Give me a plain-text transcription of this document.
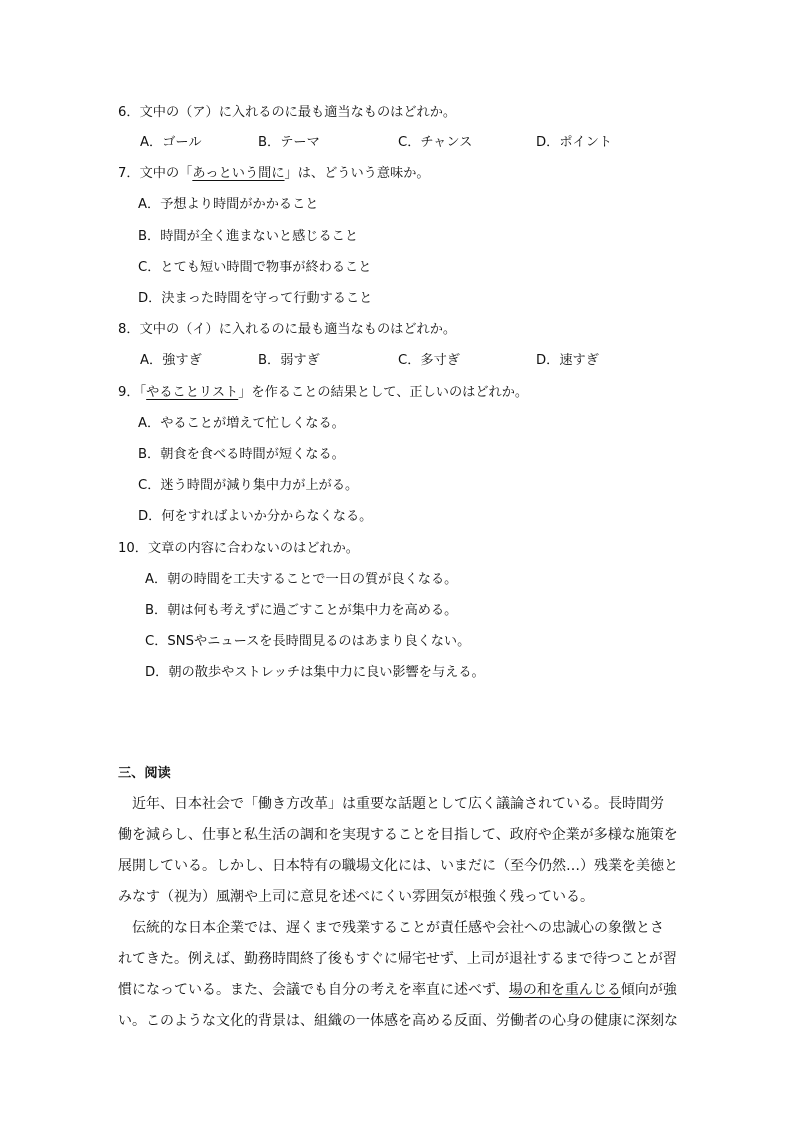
6．文中の（ア）に入れるのに最も適当なものはどれか。
A．ゴール	B．テーマ	C．チャンス	D．ポイント
7．文中の「あっという間に」は、どういう意味か。
A．予想より時間がかかること
B．時間が全く進まないと感じること
C．とても短い時間で物事が終わること
D．決まった時間を守って行動すること
8．文中の（イ）に入れるのに最も適当なものはどれか。
A．強すぎ	B．弱すぎ	C．多寸ぎ	D．速すぎ
9．「やることリスト」を作ることの結果として、正しいのはどれか。
A．やることが増えて忙しくなる。
B．朝食を食べる時間が短くなる。
C．迷う時間が減り集中力が上がる。
D．何をすればよいか分からなくなる。
10．文章の内容に合わないのはどれか。
A．朝の時間を工夫することで一日の質が良くなる。
B．朝は何も考えずに過ごすことが集中力を高める。
C．SNSやニュースを長時間見るのはあまり良くない。
D．朝の散歩やストレッチは集中力に良い影響を与える。
三、阅读
　近年、日本社会で「働き方改革」は重要な話題として広く議論されている。長時間労
働を減らし、仕事と私生活の調和を実現することを目指して、政府や企業が多様な施策を
展開している。しかし、日本特有の職場文化には、いまだに（至今仍然…）残業を美徳と
みなす（视为）風潮や上司に意見を述べにくい雰囲気が根強く残っている。
　伝統的な日本企業では、遅くまで残業することが責任感や会社への忠誠心の象徴とさ
れてきた。例えば、勤務時間終了後もすぐに帰宅せず、上司が退社するまで待つことが習
慣になっている。また、会議でも自分の考えを率直に述べず、場の和を重んじる傾向が強
い。このような文化的背景は、組織の一体感を高める反面、労働者の心身の健康に深刻な
